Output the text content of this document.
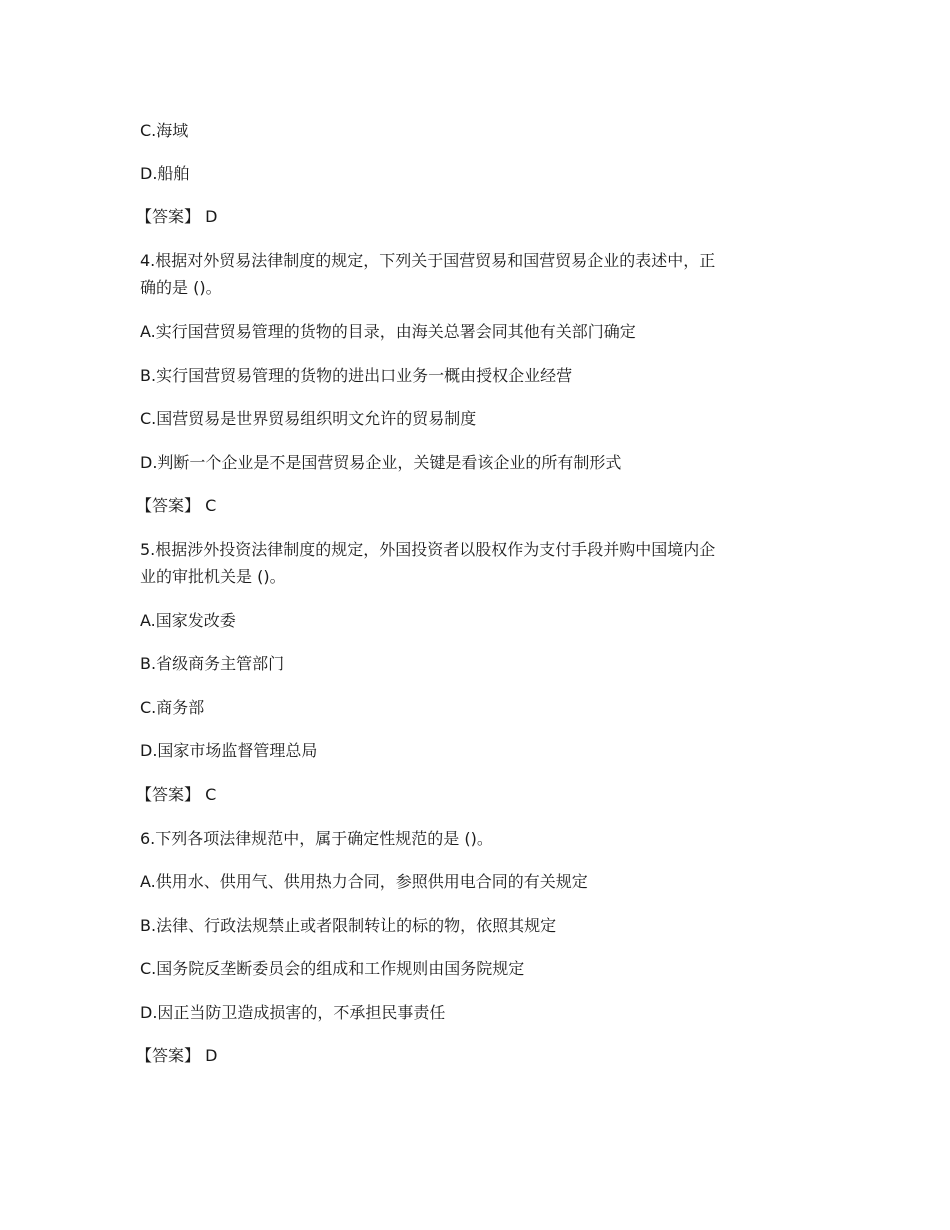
C.海域
D.船舶
【答案】 D
4.根据对外贸易法律制度的规定，下列关于国营贸易和国营贸易企业的表述中，正
确的是 ()。
A.实行国营贸易管理的货物的目录，由海关总署会同其他有关部门确定
B.实行国营贸易管理的货物的进出口业务一概由授权企业经营
C.国营贸易是世界贸易组织明文允许的贸易制度
D.判断一个企业是不是国营贸易企业，关键是看该企业的所有制形式
【答案】 C
5.根据涉外投资法律制度的规定，外国投资者以股权作为支付手段并购中国境内企
业的审批机关是 ()。
A.国家发改委
B.省级商务主管部门
C.商务部
D.国家市场监督管理总局
【答案】 C
6.下列各项法律规范中，属于确定性规范的是 ()。
A.供用水、供用气、供用热力合同，参照供用电合同的有关规定
B.法律、行政法规禁止或者限制转让的标的物，依照其规定
C.国务院反垄断委员会的组成和工作规则由国务院规定
D.因正当防卫造成损害的，不承担民事责任
【答案】 D
